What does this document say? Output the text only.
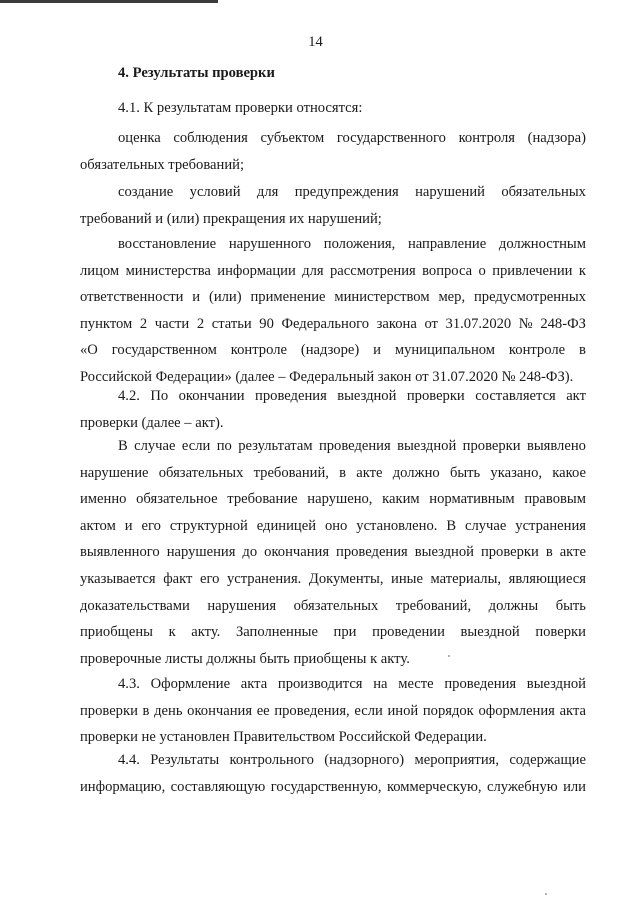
14
4. Результаты проверки
4.1. К результатам проверки относятся:
оценка соблюдения субъектом государственного контроля (надзора)
обязательных требований;
создание условий для предупреждения нарушений обязательных
требований и (или) прекращения их нарушений;
восстановление нарушенного положения, направление должностным
лицом министерства информации для рассмотрения вопроса о привлечении к
ответственности и (или) применение министерством мер, предусмотренных
пунктом 2 части 2 статьи 90 Федерального закона от 31.07.2020 № 248-ФЗ
«О государственном контроле (надзоре) и муниципальном контроле в
Российской Федерации» (далее – Федеральный закон от 31.07.2020 № 248-ФЗ).
4.2. По окончании проведения выездной проверки составляется акт
проверки (далее – акт).
В случае если по результатам проведения выездной проверки выявлено
нарушение обязательных требований, в акте должно быть указано, какое
именно обязательное требование нарушено, каким нормативным правовым
актом и его структурной единицей оно установлено. В случае устранения
выявленного нарушения до окончания проведения выездной проверки в акте
указывается факт его устранения. Документы, иные материалы, являющиеся
доказательствами нарушения обязательных требований, должны быть
приобщены к акту. Заполненные при проведении выездной поверки
проверочные листы должны быть приобщены к акту.
4.3. Оформление акта производится на месте проведения выездной
проверки в день окончания ее проведения, если иной порядок оформления акта
проверки не установлен Правительством Российской Федерации.
4.4. Результаты контрольного (надзорного) мероприятия, содержащие
информацию, составляющую государственную, коммерческую, служебную или
